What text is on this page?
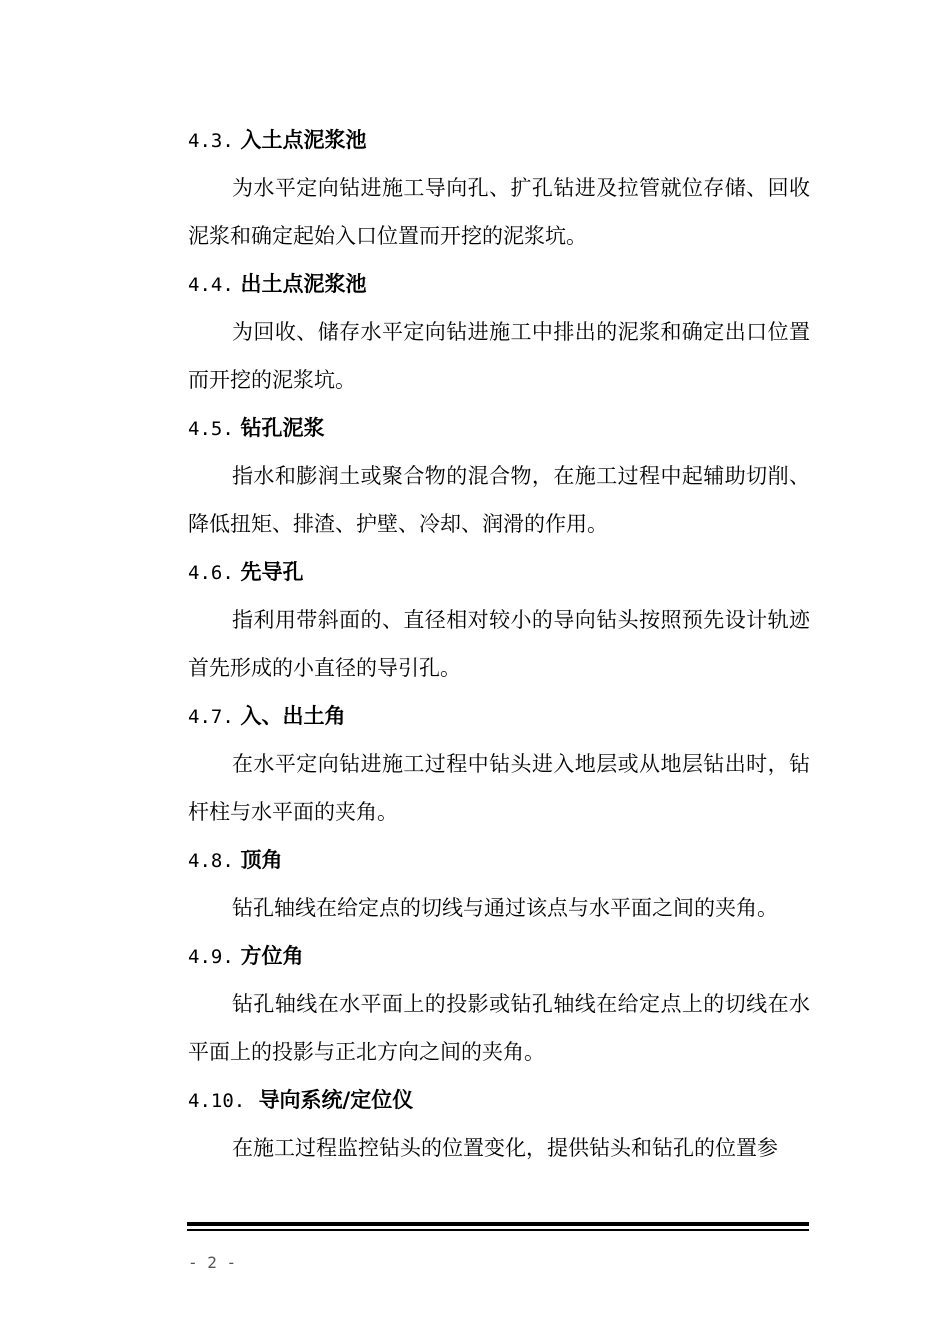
4.3. 入土点泥浆池

为水平定向钻进施工导向孔、扩孔钻进及拉管就位存储、回收泥浆和确定起始入口位置而开挖的泥浆坑。

4.4. 出土点泥浆池

为回收、储存水平定向钻进施工中排出的泥浆和确定出口位置而开挖的泥浆坑。

4.5. 钻孔泥浆

指水和膨润土或聚合物的混合物，在施工过程中起辅助切削、降低扭矩、排渣、护壁、冷却、润滑的作用。

4.6. 先导孔

指利用带斜面的、直径相对较小的导向钻头按照预先设计轨迹首先形成的小直径的导引孔。

4.7. 入、出土角

在水平定向钻进施工过程中钻头进入地层或从地层钻出时，钻杆柱与水平面的夹角。

4.8. 顶角

钻孔轴线在给定点的切线与通过该点与水平面之间的夹角。

4.9. 方位角

钻孔轴线在水平面上的投影或钻孔轴线在给定点上的切线在水平面上的投影与正北方向之间的夹角。

4.10. 导向系统/定位仪

在施工过程监控钻头的位置变化，提供钻头和钻孔的位置参

- 2 -
